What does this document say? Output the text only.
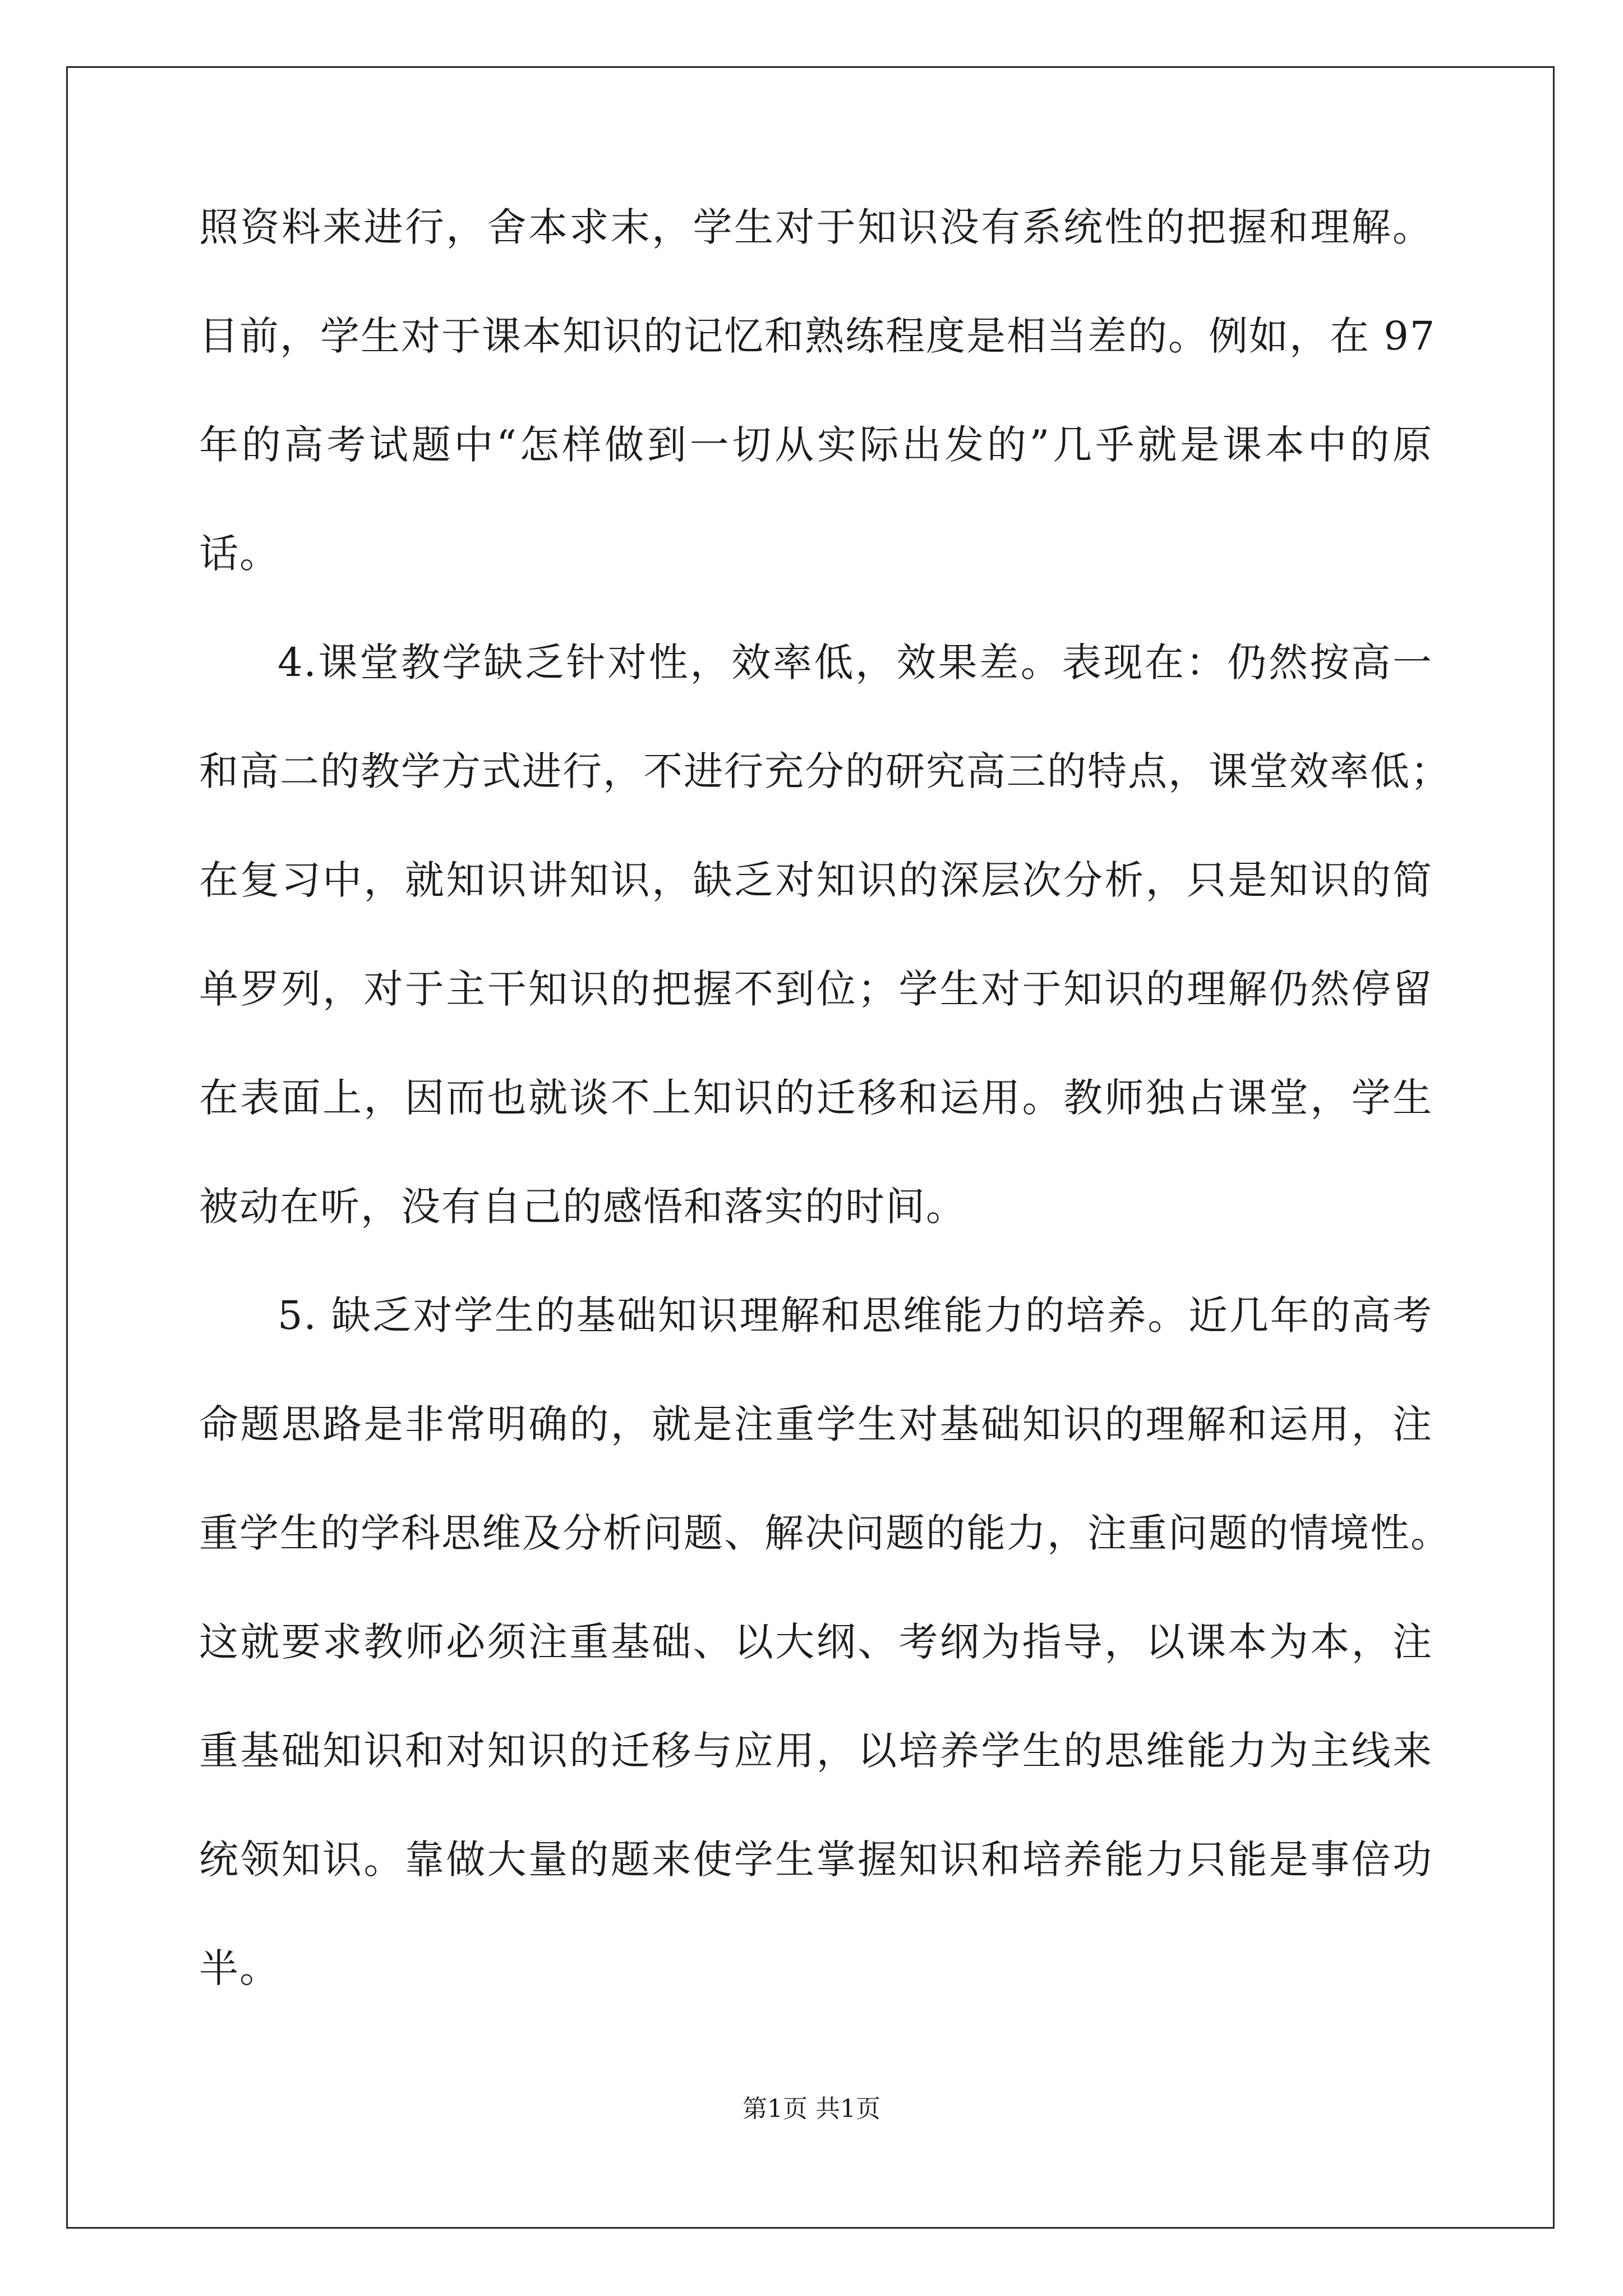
照资料来进行，舍本求末，学生对于知识没有系统性的把握和理解。
目前，学生对于课本知识的记忆和熟练程度是相当差的。例如，在 97
年的高考试题中“怎样做到一切从实际出发的”几乎就是课本中的原
话。
4.课堂教学缺乏针对性，效率低，效果差。表现在：仍然按高一
和高二的教学方式进行，不进行充分的研究高三的特点，课堂效率低；
在复习中，就知识讲知识，缺乏对知识的深层次分析，只是知识的简
单罗列，对于主干知识的把握不到位；学生对于知识的理解仍然停留
在表面上，因而也就谈不上知识的迁移和运用。教师独占课堂，学生
被动在听，没有自己的感悟和落实的时间。
5. 缺乏对学生的基础知识理解和思维能力的培养。近几年的高考
命题思路是非常明确的，就是注重学生对基础知识的理解和运用，注
重学生的学科思维及分析问题、解决问题的能力，注重问题的情境性。
这就要求教师必须注重基础、以大纲、考纲为指导，以课本为本，注
重基础知识和对知识的迁移与应用，以培养学生的思维能力为主线来
统领知识。靠做大量的题来使学生掌握知识和培养能力只能是事倍功
半。
第1页 共1页
